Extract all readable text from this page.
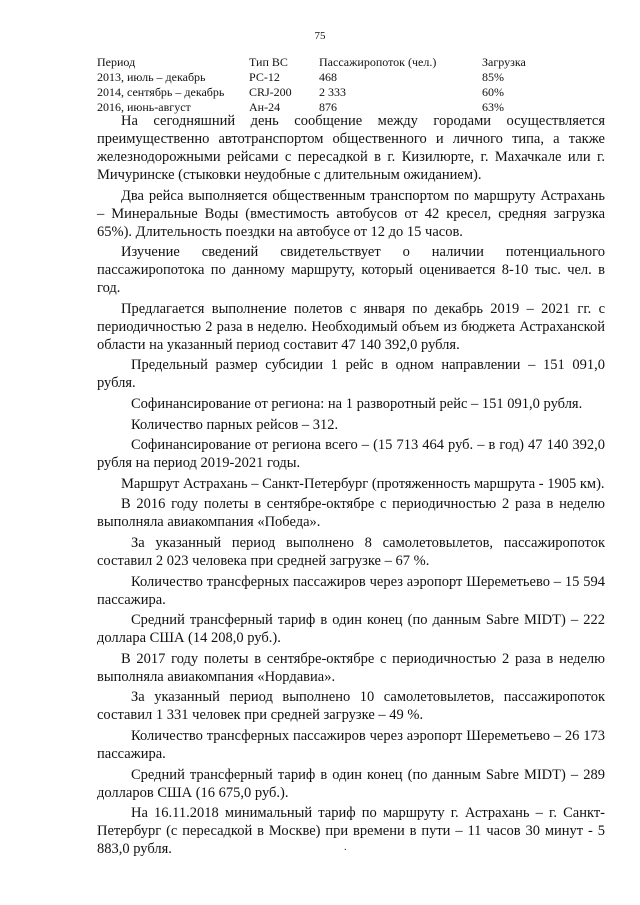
75
Период	Тип ВС	Пассажиропоток (чел.)	Загрузка
2013, июль – декабрь	РС-12	468	85%
2014, сентябрь – декабрь	CRJ-200	2 333	60%
2016, июнь-август	Ан-24	876	63%

На сегодняшний день сообщение между городами осуществляется преимущественно автотранспортом общественного и личного типа, а также железнодорожными рейсами с пересадкой в г. Кизилюрте, г. Махачкале или г. Мичуринске (стыковки неудобные с длительным ожиданием).

Два рейса выполняется общественным транспортом по маршруту Астрахань – Минеральные Воды (вместимость автобусов от 42 кресел, средняя загрузка 65%). Длительность поездки на автобусе от 12 до 15 часов.

Изучение сведений свидетельствует о наличии потенциального пассажиропотока по данному маршруту, который оценивается 8-10 тыс. чел. в год.

Предлагается выполнение полетов с января по декабрь 2019 – 2021 гг. с периодичностью 2 раза в неделю. Необходимый объем из бюджета Астраханской области на указанный период составит 47 140 392,0 рубля.

Предельный размер субсидии 1 рейс в одном направлении – 151 091,0 рубля.

Софинансирование от региона: на 1 разворотный рейс – 151 091,0 рубля.

Количество парных рейсов – 312.

Софинансирование от региона всего – (15 713 464 руб. – в год) 47 140 392,0 рубля на период 2019-2021 годы.

Маршрут Астрахань – Санкт-Петербург (протяженность маршрута - 1905 км).

В 2016 году полеты в сентябре-октябре с периодичностью 2 раза в неделю выполняла авиакомпания «Победа».

За указанный период выполнено 8 самолетовылетов, пассажиропоток составил 2 023 человека при средней загрузке – 67 %.

Количество трансферных пассажиров через аэропорт Шереметьево – 15 594 пассажира.

Средний трансферный тариф в один конец (по данным Sabre MIDT) – 222 доллара США (14 208,0 руб.).

В 2017 году полеты в сентябре-октябре с периодичностью 2 раза в неделю выполняла авиакомпания «Нордавиа».

За указанный период выполнено 10 самолетовылетов, пассажиропоток составил 1 331 человек при средней загрузке – 49 %.

Количество трансферных пассажиров через аэропорт Шереметьево – 26 173 пассажира.

Средний трансферный тариф в один конец (по данным Sabre MIDT) – 289 долларов США (16 675,0 руб.).

На 16.11.2018 минимальный тариф по маршруту г. Астрахань – г. Санкт-Петербург (с пересадкой в Москве) при времени в пути – 11 часов 30 минут - 5 883,0 рубля.	.
